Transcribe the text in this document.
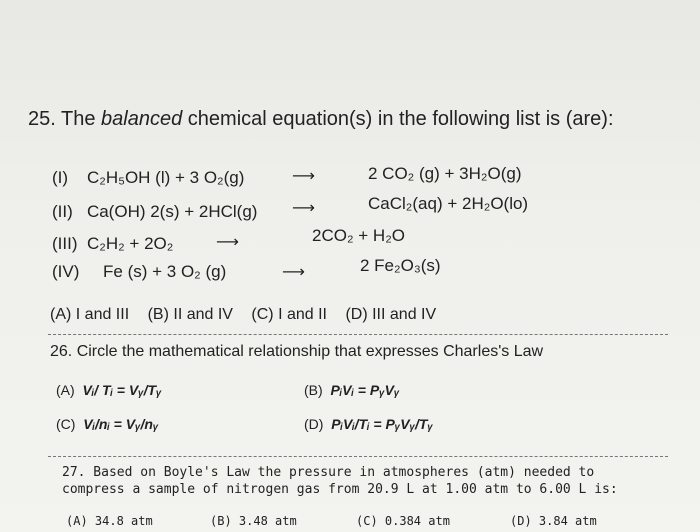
25. The balanced chemical equation(s) in the following list is (are):
(I) C₂H₅OH (l) + 3 O₂(g)	⟶	2 CO₂ (g) + 3H₂O(g)
(II) Ca(OH) 2(s) + 2HCl(g) ⟶	CaCl₂(aq) + 2H₂O(lo)
(III) C₂H₂ + 2O₂	⟶	2CO₂ + H₂O
(IV) Fe (s) + 3 O₂ (g)	⟶	2 Fe₂O₃(s)
(A) I and III (B) II and IV (C) I and II (D) III and IV
26. Circle the mathematical relationship that expresses Charles's Law
(A) Vᵢ/ Tᵢ = Vᵧ/Tᵧ	(B) PᵢVᵢ = PᵧVᵧ
(C) Vᵢ/nᵢ = Vᵧ/nᵧ	(D) PᵢVᵢ/Tᵢ = PᵧVᵧ/Tᵧ
27. Based on Boyle's Law the pressure in atmospheres (atm) needed to
compress a sample of nitrogen gas from 20.9 L at 1.00 atm to 6.00 L is:
(A) 34.8 atm	(B) 3.48 atm	(C) 0.384 atm	(D) 3.84 atm
